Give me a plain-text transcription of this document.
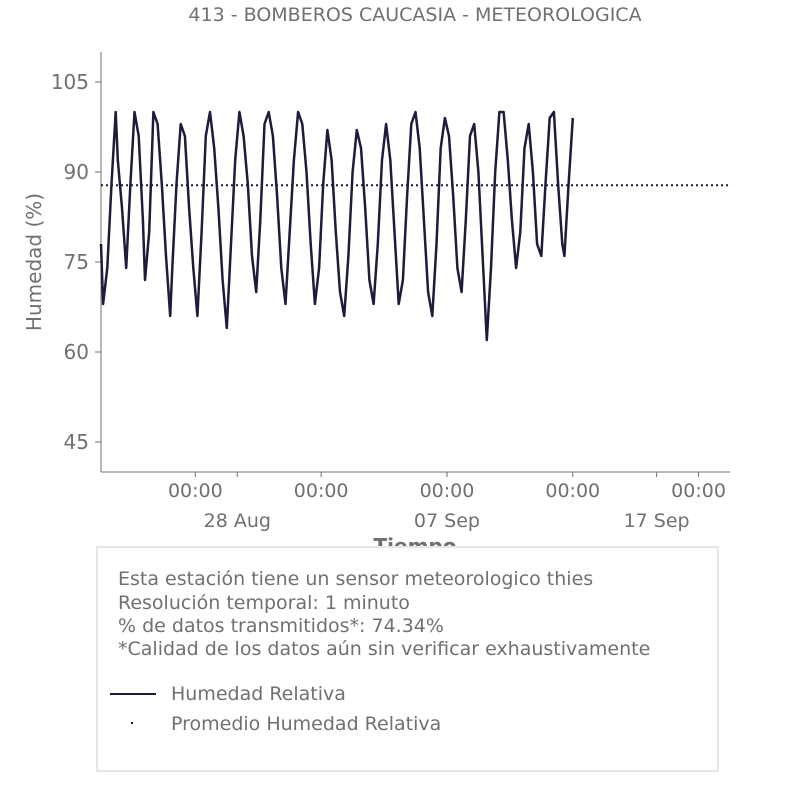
413 - BOMBEROS CAUCASIA - METEOROLOGICA
Humedad (%)
45
60
75
90
105
00:00	00:00	00:00	00:00	00:00
28 Aug	07 Sep	17 Sep
Esta estación tiene un sensor meteorologico thies
Resolución temporal: 1 minuto
% de datos transmitidos*: 74.34%
*Calidad de los datos aún sin verificar exhaustivamente
Humedad Relativa
Promedio Humedad Relativa
